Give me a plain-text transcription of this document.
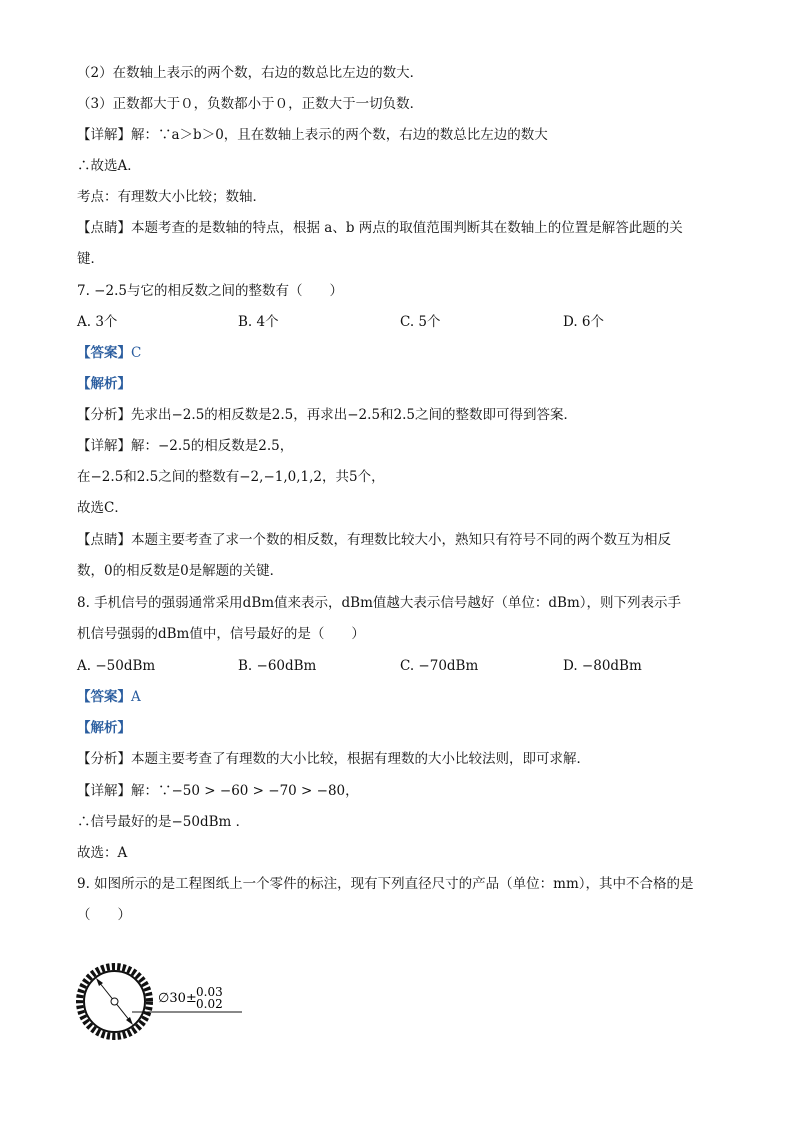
（2）在数轴上表示的两个数，右边的数总比左边的数大．
（3）正数都大于０，负数都小于０，正数大于一切负数．
【详解】解：∵a＞b＞0，且在数轴上表示的两个数，右边的数总比左边的数大
∴故选A．
考点：有理数大小比较；数轴．
【点睛】本题考查的是数轴的特点，根据 a、b 两点的取值范围判断其在数轴上的位置是解答此题的关
键．
7. −2.5与它的相反数之间的整数有（　　）
A. 3个	B. 4个	C. 5个	D. 6个
【答案】C
【解析】
【分析】先求出−2.5的相反数是2.5，再求出−2.5和2.5之间的整数即可得到答案．
【详解】解：−2.5的相反数是2.5，
在−2.5和2.5之间的整数有−2,−1,0,1,2，共5个，
故选C．
【点睛】本题主要考查了求一个数的相反数，有理数比较大小，熟知只有符号不同的两个数互为相反
数，0的相反数是0是解题的关键．
8. 手机信号的强弱通常采用dBm值来表示，dBm值越大表示信号越好（单位：dBm），则下列表示手
机信号强弱的dBm值中，信号最好的是（　　）
A. −50dBm	B. −60dBm	C. −70dBm	D. −80dBm
【答案】A
【解析】
【分析】本题主要考查了有理数的大小比较，根据有理数的大小比较法则，即可求解．
【详解】解：∵−50 > −60 > −70 > −80，
∴信号最好的是−50dBm ．
故选：A
9. 如图所示的是工程图纸上一个零件的标注，现有下列直径尺寸的产品（单位：mm），其中不合格的是
（　　）
∅30± 0.03
0.02
